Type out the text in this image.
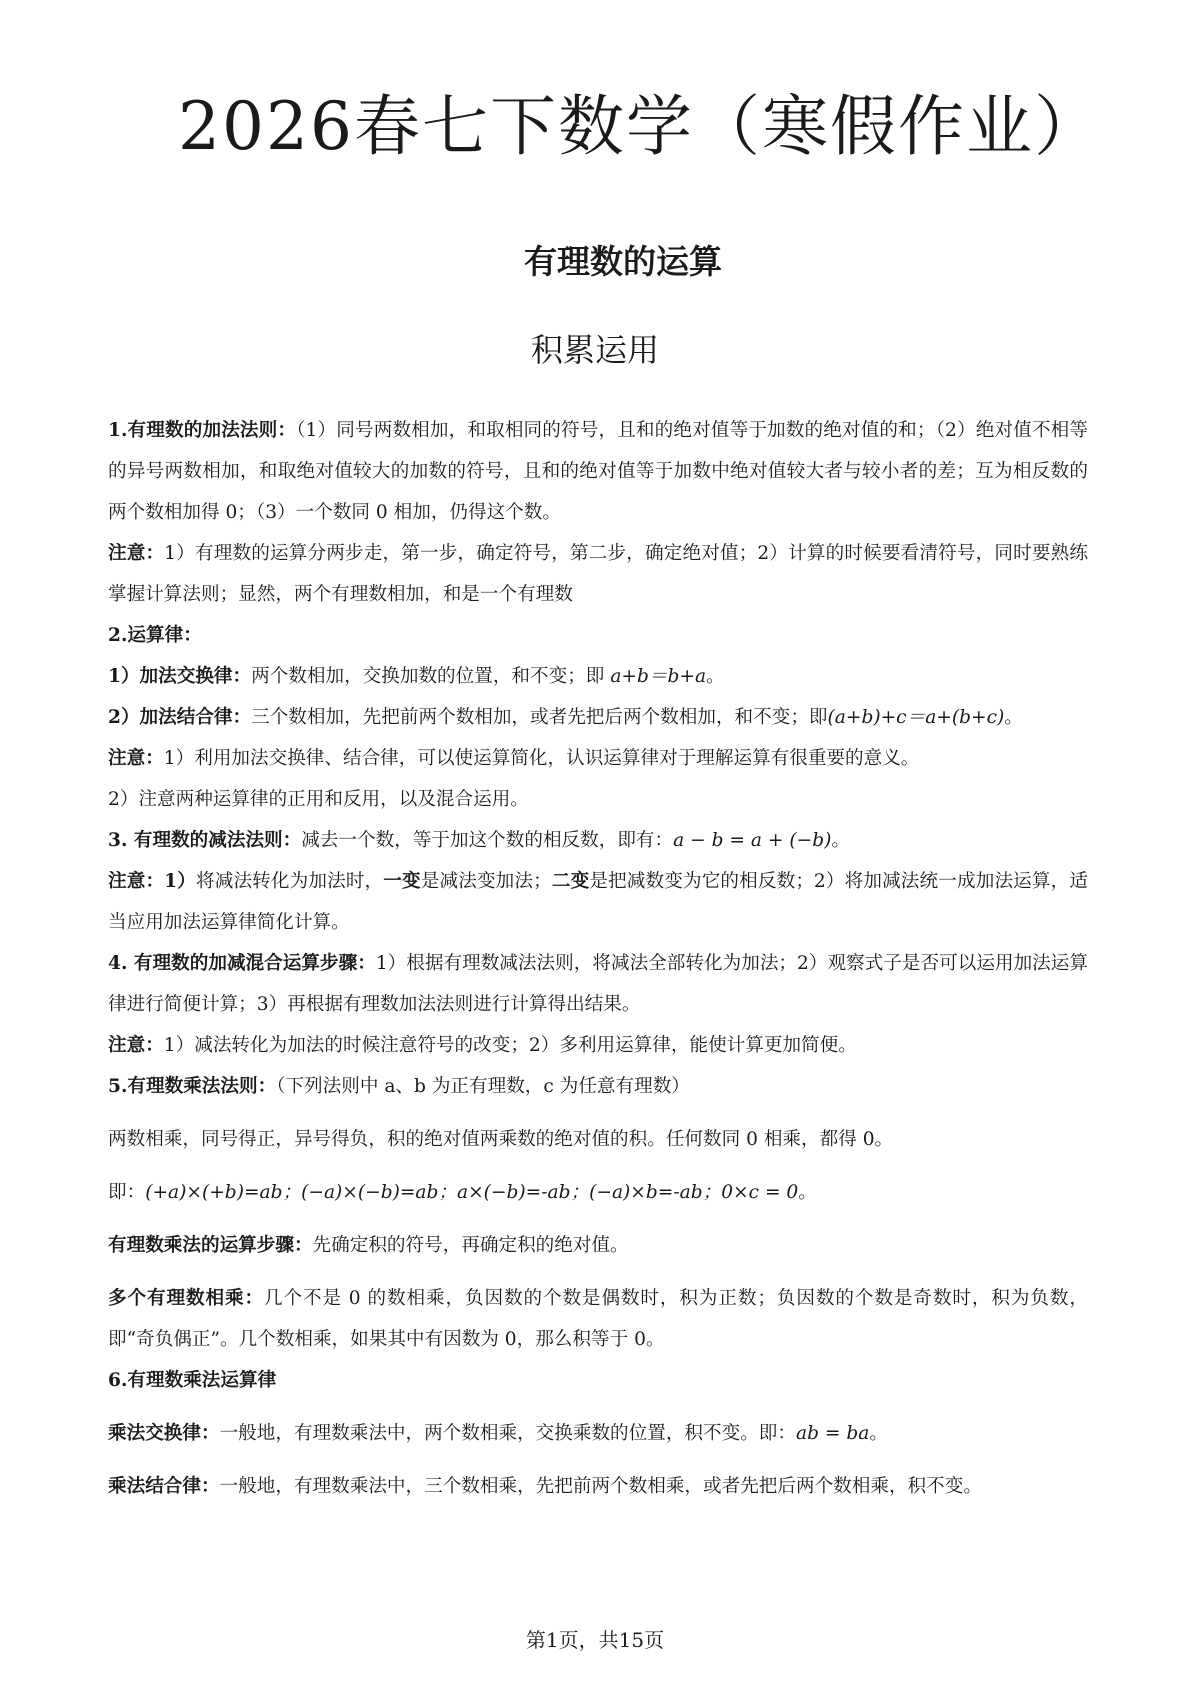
2026春七下数学（寒假作业）
有理数的运算
积累运用

1.有理数的加法法则：（1）同号两数相加，和取相同的符号，且和的绝对值等于加数的绝对值的和；（2）绝对值不相等的异号两数相加，和取绝对值较大的加数的符号，且和的绝对值等于加数中绝对值较大者与较小者的差；互为相反数的两个数相加得 0；（3）一个数同 0 相加，仍得这个数。

注意：1）有理数的运算分两步走，第一步，确定符号，第二步，确定绝对值；2）计算的时候要看清符号，同时要熟练掌握计算法则；显然，两个有理数相加，和是一个有理数

2.运算律：

1）加法交换律：两个数相加，交换加数的位置，和不变；即 a+b＝b+a。

2）加法结合律：三个数相加，先把前两个数相加，或者先把后两个数相加，和不变；即(a+b)+c＝a+(b+c)。

注意：1）利用加法交换律、结合律，可以使运算简化，认识运算律对于理解运算有很重要的意义。

2）注意两种运算律的正用和反用，以及混合运用。

3. 有理数的减法法则：减去一个数，等于加这个数的相反数，即有：a − b = a + (−b)。

注意：1）将减法转化为加法时，一变是减法变加法；二变是把减数变为它的相反数；2）将加减法统一成加法运算，适当应用加法运算律简化计算。

4. 有理数的加减混合运算步骤：1）根据有理数减法法则，将减法全部转化为加法；2）观察式子是否可以运用加法运算律进行简便计算；3）再根据有理数加法法则进行计算得出结果。

注意：1）减法转化为加法的时候注意符号的改变；2）多利用运算律，能使计算更加简便。

5.有理数乘法法则：（下列法则中 a、b 为正有理数，c 为任意有理数）

两数相乘，同号得正，异号得负，积的绝对值两乘数的绝对值的积。任何数同 0 相乘，都得 0。

即：(+a)×(+b)=ab；(−a)×(−b)=ab；a×(−b)=-ab；(−a)×b=-ab；0×c = 0。

有理数乘法的运算步骤：先确定积的符号，再确定积的绝对值。

多个有理数相乘：几个不是 0 的数相乘，负因数的个数是偶数时，积为正数；负因数的个数是奇数时，积为负数，即“奇负偶正”。几个数相乘，如果其中有因数为 0，那么积等于 0。

6.有理数乘法运算律

乘法交换律：一般地，有理数乘法中，两个数相乘，交换乘数的位置，积不变。即：ab = ba。

乘法结合律：一般地，有理数乘法中，三个数相乘，先把前两个数相乘，或者先把后两个数相乘，积不变。

第1页，共15页
